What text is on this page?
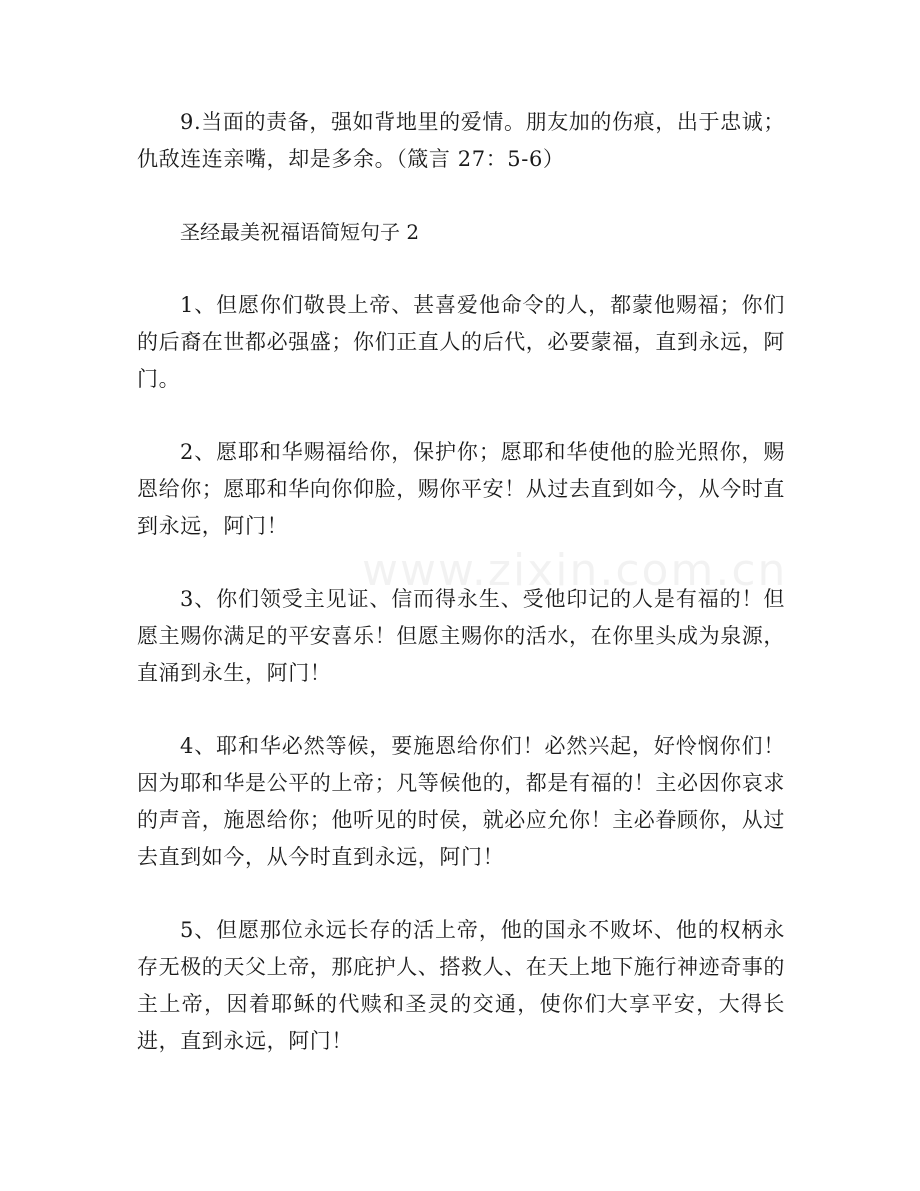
9.当面的责备，强如背地里的爱情。朋友加的伤痕，出于忠诚；仇敌连连亲嘴，却是多余。（箴言 27：5-6）

圣经最美祝福语简短句子 2

1、但愿你们敬畏上帝、甚喜爱他命令的人，都蒙他赐福；你们的后裔在世都必强盛；你们正直人的后代，必要蒙福，直到永远，阿门。

2、愿耶和华赐福给你，保护你；愿耶和华使他的脸光照你，赐恩给你；愿耶和华向你仰脸，赐你平安！从过去直到如今，从今时直到永远，阿门！

3、你们领受主见证、信而得永生、受他印记的人是有福的！但愿主赐你满足的平安喜乐！但愿主赐你的活水，在你里头成为泉源，直涌到永生，阿门！

4、耶和华必然等候，要施恩给你们！必然兴起，好怜悯你们！因为耶和华是公平的上帝；凡等候他的，都是有福的！主必因你哀求的声音，施恩给你；他听见的时侯，就必应允你！主必眷顾你，从过去直到如今，从今时直到永远，阿门！

5、但愿那位永远长存的活上帝，他的国永不败坏、他的权柄永存无极的天父上帝，那庇护人、搭救人、在天上地下施行神迹奇事的主上帝，因着耶稣的代赎和圣灵的交通，使你们大享平安，大得长进，直到永远，阿门！

www.zixin.com.cn
